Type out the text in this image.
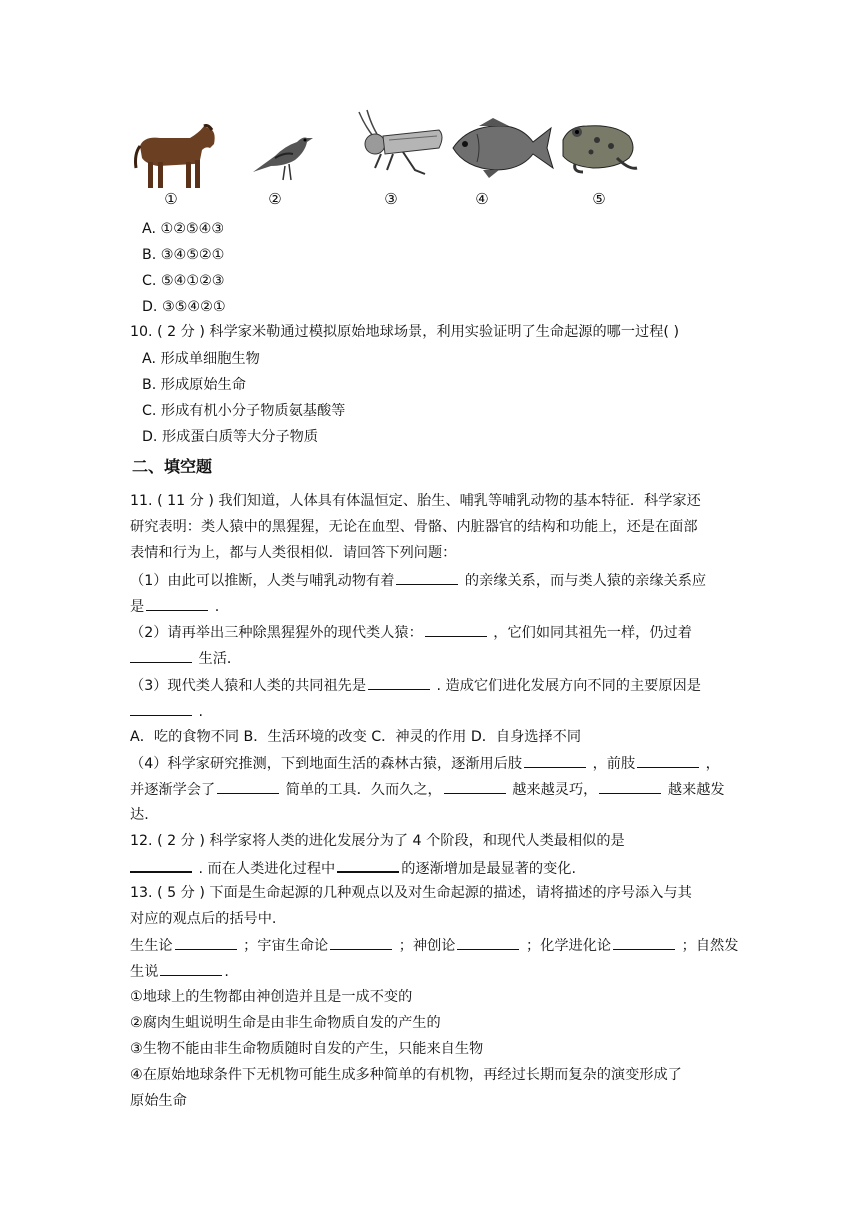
①	②	③	④	⑤
A. ①②⑤④③
B. ③④⑤②①
C. ⑤④①②③
D. ③⑤④②①
10. ( 2 分 ) 科学家米勒通过模拟原始地球场景，利用实验证明了生命起源的哪一过程( )
A. 形成单细胞生物
B. 形成原始生命
C. 形成有机小分子物质氨基酸等
D. 形成蛋白质等大分子物质
二、填空题
11. ( 11 分 ) 我们知道，人体具有体温恒定、胎生、哺乳等哺乳动物的基本特征．科学家还
研究表明：类人猿中的黑猩猩，无论在血型、骨骼、内脏器官的结构和功能上，还是在面部
表情和行为上，都与人类很相似．请回答下列问题：
（1）由此可以推断，人类与哺乳动物有着	的亲缘关系，而与类人猿的亲缘关系应
是	.
（2）请再举出三种除黑猩猩外的现代类人猿：	，它们如同其祖先一样，仍过着
生活．
（3）现代类人猿和人类的共同祖先是	. 造成它们进化发展方向不同的主要原因是
.
A．吃的食物不同 B．生活环境的改变 C．神灵的作用 D．自身选择不同
（4）科学家研究推测，下到地面生活的森林古猿，逐渐用后肢	，前肢	，
并逐渐学会了	简单的工具．久而久之，	越来越灵巧，	越来越发
达.
12. ( 2 分 ) 科学家将人类的进化发展分为了 4 个阶段，和现代人类最相似的是
. 而在人类进化过程中	的逐渐增加是最显著的变化.
13. ( 5 分 ) 下面是生命起源的几种观点以及对生命起源的描述，请将描述的序号添入与其
对应的观点后的括号中.
生生论	；宇宙生命论	；神创论	；化学进化论	；自然发
生说	.
①地球上的生物都由神创造并且是一成不变的
②腐肉生蛆说明生命是由非生命物质自发的产生的
③生物不能由非生命物质随时自发的产生，只能来自生物
④在原始地球条件下无机物可能生成多种简单的有机物，再经过长期而复杂的演变形成了
原始生命
